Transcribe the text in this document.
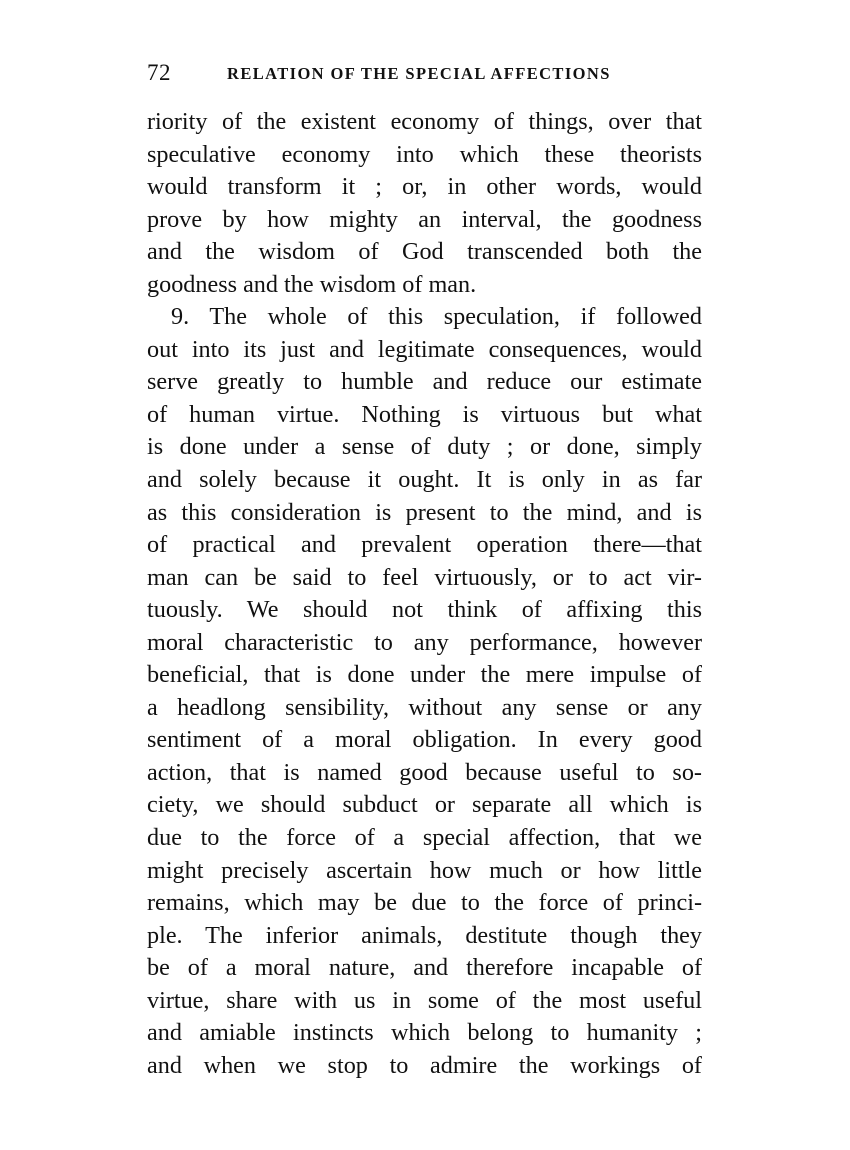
72	RELATION OF THE SPECIAL AFFECTIONS
riority of the existent economy of things, over that
speculative economy into which these theorists
would transform it ; or, in other words, would
prove by how mighty an interval, the goodness
and the wisdom of God transcended both the
goodness and the wisdom of man.
9. The whole of this speculation, if followed
out into its just and legitimate consequences, would
serve greatly to humble and reduce our estimate
of human virtue. Nothing is virtuous but what
is done under a sense of duty ; or done, simply
and solely because it ought. It is only in as far
as this consideration is present to the mind, and is
of practical and prevalent operation there—that
man can be said to feel virtuously, or to act vir-
tuously. We should not think of affixing this
moral characteristic to any performance, however
beneficial, that is done under the mere impulse of
a headlong sensibility, without any sense or any
sentiment of a moral obligation. In every good
action, that is named good because useful to so-
ciety, we should subduct or separate all which is
due to the force of a special affection, that we
might precisely ascertain how much or how little
remains, which may be due to the force of princi-
ple. The inferior animals, destitute though they
be of a moral nature, and therefore incapable of
virtue, share with us in some of the most useful
and amiable instincts which belong to humanity ;
and when we stop to admire the workings of
